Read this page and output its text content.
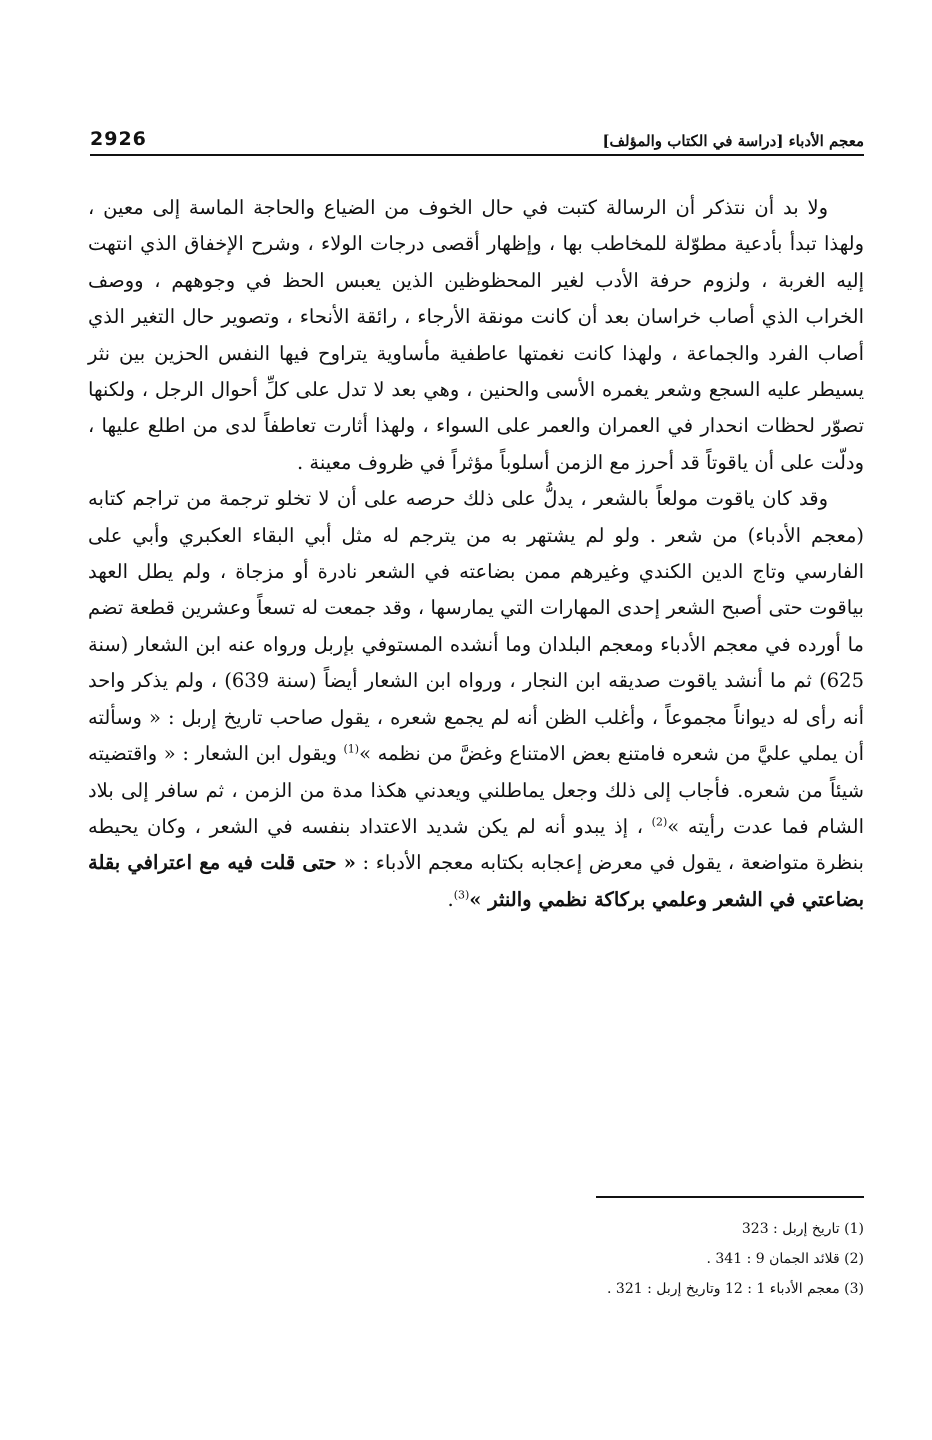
2926	معجم الأدباء [دراسة في الكتاب والمؤلف]

ولا بد أن نتذكر أن الرسالة كتبت في حال الخوف من الضياع والحاجة الماسة إلى معين ، ولهذا تبدأ بأدعية مطوّلة للمخاطب بها ، وإظهار أقصى درجات الولاء ، وشرح الإخفاق الذي انتهت إليه الغربة ، ولزوم حرفة الأدب لغير المحظوظين الذين يعبس الحظ في وجوههم ، ووصف الخراب الذي أصاب خراسان بعد أن كانت مونقة الأرجاء ، رائقة الأنحاء ، وتصوير حال التغير الذي أصاب الفرد والجماعة ، ولهذا كانت نغمتها عاطفية مأساوية يتراوح فيها النفس الحزين بين نثر يسيطر عليه السجع وشعر يغمره الأسى والحنين ، وهي بعد لا تدل على كلِّ أحوال الرجل ، ولكنها تصوّر لحظات انحدار في العمران والعمر على السواء ، ولهذا أثارت تعاطفاً لدى من اطلع عليها ، ودلّت على أن ياقوتاً قد أحرز مع الزمن أسلوباً مؤثراً في ظروف معينة .

وقد كان ياقوت مولعاً بالشعر ، يدلُّ على ذلك حرصه على أن لا تخلو ترجمة من تراجم كتابه (معجم الأدباء) من شعر . ولو لم يشتهر به من يترجم له مثل أبي البقاء العكبري وأبي على الفارسي وتاج الدين الكندي وغيرهم ممن بضاعته في الشعر نادرة أو مزجاة ، ولم يطل العهد بياقوت حتى أصبح الشعر إحدى المهارات التي يمارسها ، وقد جمعت له تسعاً وعشرين قطعة تضم ما أورده في معجم الأدباء ومعجم البلدان وما أنشده المستوفي بإربل ورواه عنه ابن الشعار (سنة 625) ثم ما أنشد ياقوت صديقه ابن النجار ، ورواه ابن الشعار أيضاً (سنة 639) ، ولم يذكر واحد أنه رأى له ديواناً مجموعاً ، وأغلب الظن أنه لم يجمع شعره ، يقول صاحب تاريخ إربل : « وسألته أن يملي عليَّ من شعره فامتنع بعض الامتناع وغضَّ من نظمه »$^{(1)}$ ويقول ابن الشعار : « واقتضيته شيئاً من شعره. فأجاب إلى ذلك وجعل يماطلني ويعدني هكذا مدة من الزمن ، ثم سافر إلى بلاد الشام فما عدت رأيته »$^{(2)}$ ، إذ يبدو أنه لم يكن شديد الاعتداد بنفسه في الشعر ، وكان يحيطه بنظرة متواضعة ، يقول في معرض إعجابه بكتابه معجم الأدباء : « حتى قلت فيه مع اعترافي بقلة بضاعتي في الشعر وعلمي بركاكة نظمي والنثر »$^{(3)}$.

(1) تاريخ إربل : 323

(2) قلائد الجمان 9 : 341 .

(3) معجم الأدباء 1 : 12 وتاريخ إربل : 321 .
